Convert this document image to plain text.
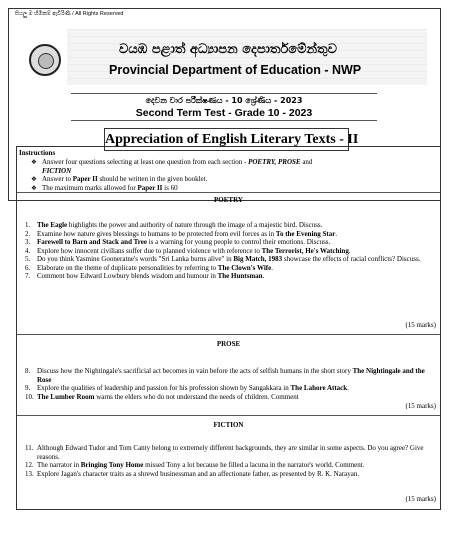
සියලු ම හිමිකම් ඇවිරිණි / All Rights Reserved
වයඹ පළාත් අධ්‍යාපන දෙපාර්තමේන්තුව
Provincial Department of Education - NWP
දෙවන වාර පරීක්ෂණය - 10 ශ්‍රේණිය - 2023
Second Term Test - Grade 10 - 2023
Appreciation of English Literary Texts - II
Instructions
❖ Answer four questions selecting at least one question from each section - POETRY, PROSE and
FICTION
❖ Answer to Paper II should be written in the given booklet.
❖ The maximum marks allowed for Paper II is 60
POETRY
1. The Eagle highlights the power and authority of nature through the image of a majestic bird. Discuss.
2. Examine how nature gives blessings to humans to be protected from evil forces as in To the Evening Star.
3. Farewell to Barn and Stack and Tree is a warning for young people to control their emotions. Discuss.
4. Explore how innocent civilians suffer due to planned violence with reference to The Terrorist, He's Watching.
5. Do you think Yasmine Gooneratne's words "Sri Lanka burns alive" in Big Match, 1983 showcase the effects of racial conflicts? Discuss.
6. Elaborate on the theme of duplicate personalities by referring to The Clown's Wife.
7. Comment how Edward Lowbury blends wisdom and humour in The Huntsman.
(15 marks)
PROSE
8. Discuss how the Nightingale's sacrificial act becomes in vain before the acts of selfish humans in the short story The Nightingale and the Rose
9. Explore the qualities of leadership and passion for his profession shown by Sangakkara in The Lahore Attack.
10. The Lumber Room warns the elders who do not understand the needs of children. Comment
(15 marks)
FICTION
11. Although Edward Tudor and Tom Canty belong to extremely different backgrounds, they are similar in some aspects. Do you agree? Give reasons.
12. The narrator in Bringing Tony Home missed Tony a lot because he filled a lacuna in the narrator's world. Comment.
13. Explore Jagan's character traits as a shrewd businessman and an affectionate father, as presented by R. K. Narayan.
(15 marks)
